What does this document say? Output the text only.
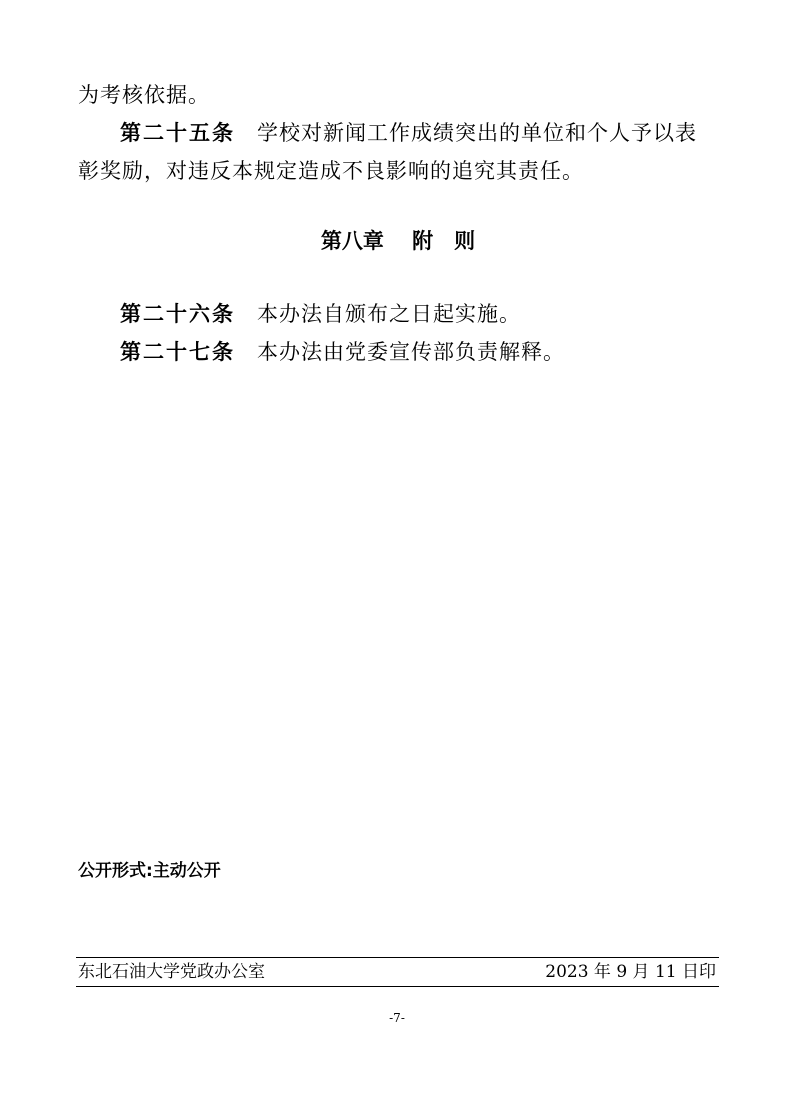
为考核依据。

第二十五条 学校对新闻工作成绩突出的单位和个人予以表彰奖励，对违反本规定造成不良影响的追究其责任。

第八章　 附　则

第二十六条 本办法自颁布之日起实施。

第二十七条 本办法由党委宣传部负责解释。

公开形式:主动公开
东北石油大学党政办公室	2023 年 9 月 11 日印
-7-
